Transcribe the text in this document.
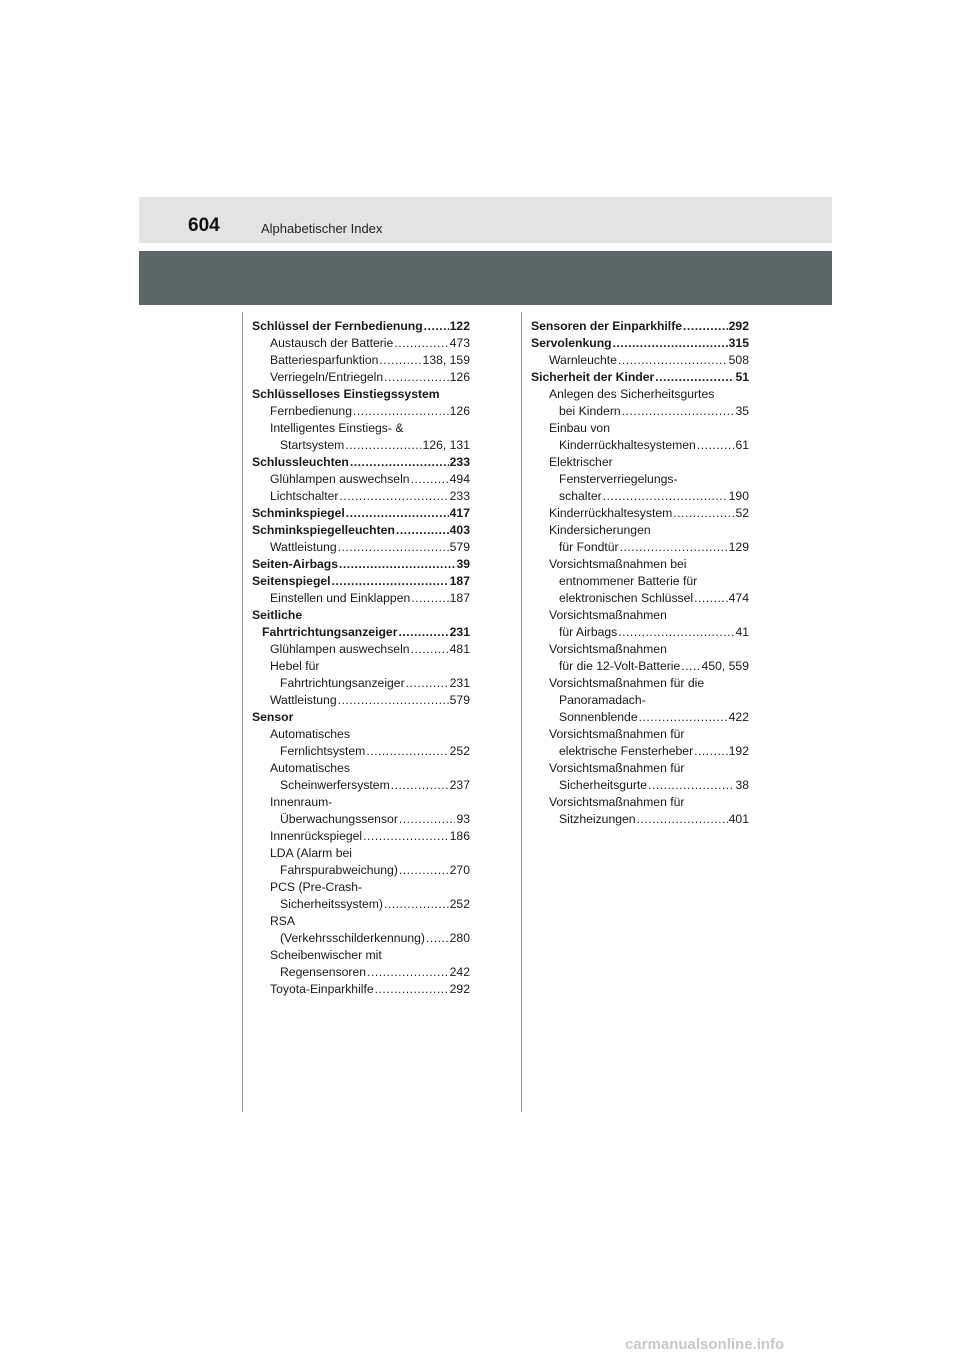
604	Alphabetischer Index
Schlüssel der Fernbedienung ..... 122
Austausch der Batterie .....	473
Batteriesparfunktion .....	138, 159
Verriegeln/Entriegeln .....	126
Schlüsselloses Einstiegssystem
Fernbedienung .....	126
Intelligentes Einstiegs- &
Startsystem .....	126, 131
Schlussleuchten .....	233
Glühlampen auswechseln .....	494
Lichtschalter .....	233
Schminkspiegel .....	417
Schminkspiegelleuchten .....	403
Wattleistung .....	579
Seiten-Airbags .....	39
Seitenspiegel .....	187
Einstellen und Einklappen .....	187
Seitliche
Fahrtrichtungsanzeiger .....	231
Glühlampen auswechseln .....	481
Hebel für
Fahrtrichtungsanzeiger .....	231
Wattleistung .....	579
Sensor
Automatisches
Fernlichtsystem .....	252
Automatisches
Scheinwerfersystem .....	237
Innenraum-
Überwachungssensor .....	93
Innenrückspiegel .....	186
LDA (Alarm bei
Fahrspurabweichung) .....	270
PCS (Pre-Crash-
Sicherheitssystem) .....	252
RSA
(Verkehrsschilderkennung) ..... 280
Scheibenwischer mit
Regensensoren .....	242
Toyota-Einparkhilfe .....	292
Sensoren der Einparkhilfe .....	292
Servolenkung .....	315
Warnleuchte .....	508
Sicherheit der Kinder .....	51
Anlegen des Sicherheitsgurtes
bei Kindern .....	35
Einbau von
Kinderrückhaltesystemen .....	61
Elektrischer
Fensterverriegelungs-
schalter .....	190
Kinderrückhaltesystem .....	52
Kindersicherungen
für Fondtür .....	129
Vorsichtsmaßnahmen bei
entnommener Batterie für
elektronischen Schlüssel .....	474
Vorsichtsmaßnahmen
für Airbags .....	41
Vorsichtsmaßnahmen
für die 12-Volt-Batterie ..... 450, 559
Vorsichtsmaßnahmen für die
Panoramadach-
Sonnenblende .....	422
Vorsichtsmaßnahmen für
elektrische Fensterheber .....	192
Vorsichtsmaßnahmen für
Sicherheitsgurte .....	38
Vorsichtsmaßnahmen für
Sitzheizungen .....	401
carmanualsonline.info
